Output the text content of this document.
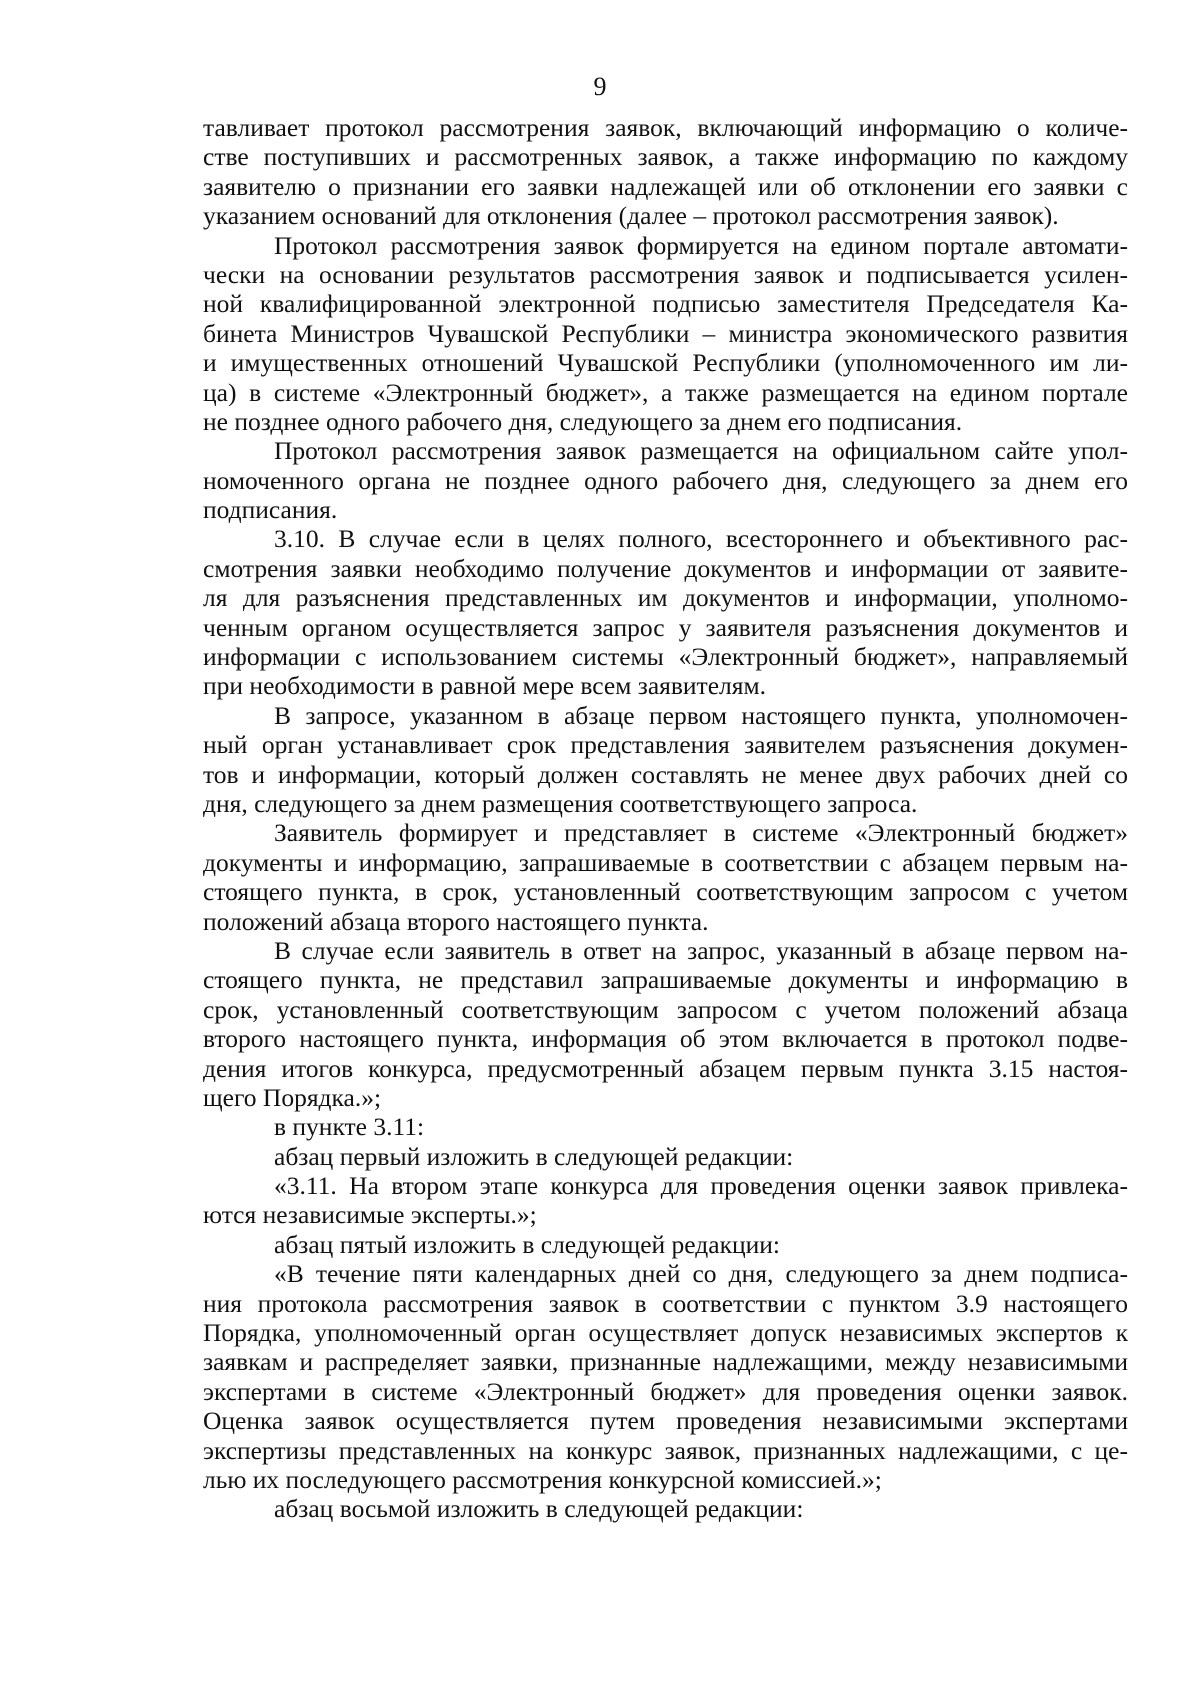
9
тавливает протокол рассмотрения заявок, включающий информацию о количе-
стве поступивших и рассмотренных заявок, а также информацию по каждому
заявителю о признании его заявки надлежащей или об отклонении его заявки с
указанием оснований для отклонения (далее – протокол рассмотрения заявок).
Протокол рассмотрения заявок формируется на едином портале автомати-
чески на основании результатов рассмотрения заявок и подписывается усилен-
ной квалифицированной электронной подписью заместителя Председателя Ка-
бинета Министров Чувашской Республики – министра экономического развития
и имущественных отношений Чувашской Республики (уполномоченного им ли-
ца) в системе «Электронный бюджет», а также размещается на едином портале
не позднее одного рабочего дня, следующего за днем его подписания.
Протокол рассмотрения заявок размещается на официальном сайте упол-
номоченного органа не позднее одного рабочего дня, следующего за днем его
подписания.
3.10. В случае если в целях полного, всестороннего и объективного рас-
смотрения заявки необходимо получение документов и информации от заявите-
ля для разъяснения представленных им документов и информации, уполномо-
ченным органом осуществляется запрос у заявителя разъяснения документов и
информации с использованием системы «Электронный бюджет», направляемый
при необходимости в равной мере всем заявителям.
В запросе, указанном в абзаце первом настоящего пункта, уполномочен-
ный орган устанавливает срок представления заявителем разъяснения докумен-
тов и информации, который должен составлять не менее двух рабочих дней со
дня, следующего за днем размещения соответствующего запроса.
Заявитель формирует и представляет в системе «Электронный бюджет»
документы и информацию, запрашиваемые в соответствии с абзацем первым на-
стоящего пункта, в срок, установленный соответствующим запросом с учетом
положений абзаца второго настоящего пункта.
В случае если заявитель в ответ на запрос, указанный в абзаце первом на-
стоящего пункта, не представил запрашиваемые документы и информацию в
срок, установленный соответствующим запросом с учетом положений абзаца
второго настоящего пункта, информация об этом включается в протокол подве-
дения итогов конкурса, предусмотренный абзацем первым пункта 3.15 настоя-
щего Порядка.»;
в пункте 3.11:
абзац первый изложить в следующей редакции:
«3.11. На втором этапе конкурса для проведения оценки заявок привлека-
ются независимые эксперты.»;
абзац пятый изложить в следующей редакции:
«В течение пяти календарных дней со дня, следующего за днем подписа-
ния протокола рассмотрения заявок в соответствии с пунктом 3.9 настоящего
Порядка, уполномоченный орган осуществляет допуск независимых экспертов к
заявкам и распределяет заявки, признанные надлежащими, между независимыми
экспертами в системе «Электронный бюджет» для проведения оценки заявок.
Оценка заявок осуществляется путем проведения независимыми экспертами
экспертизы представленных на конкурс заявок, признанных надлежащими, с це-
лью их последующего рассмотрения конкурсной комиссией.»;
абзац восьмой изложить в следующей редакции:
